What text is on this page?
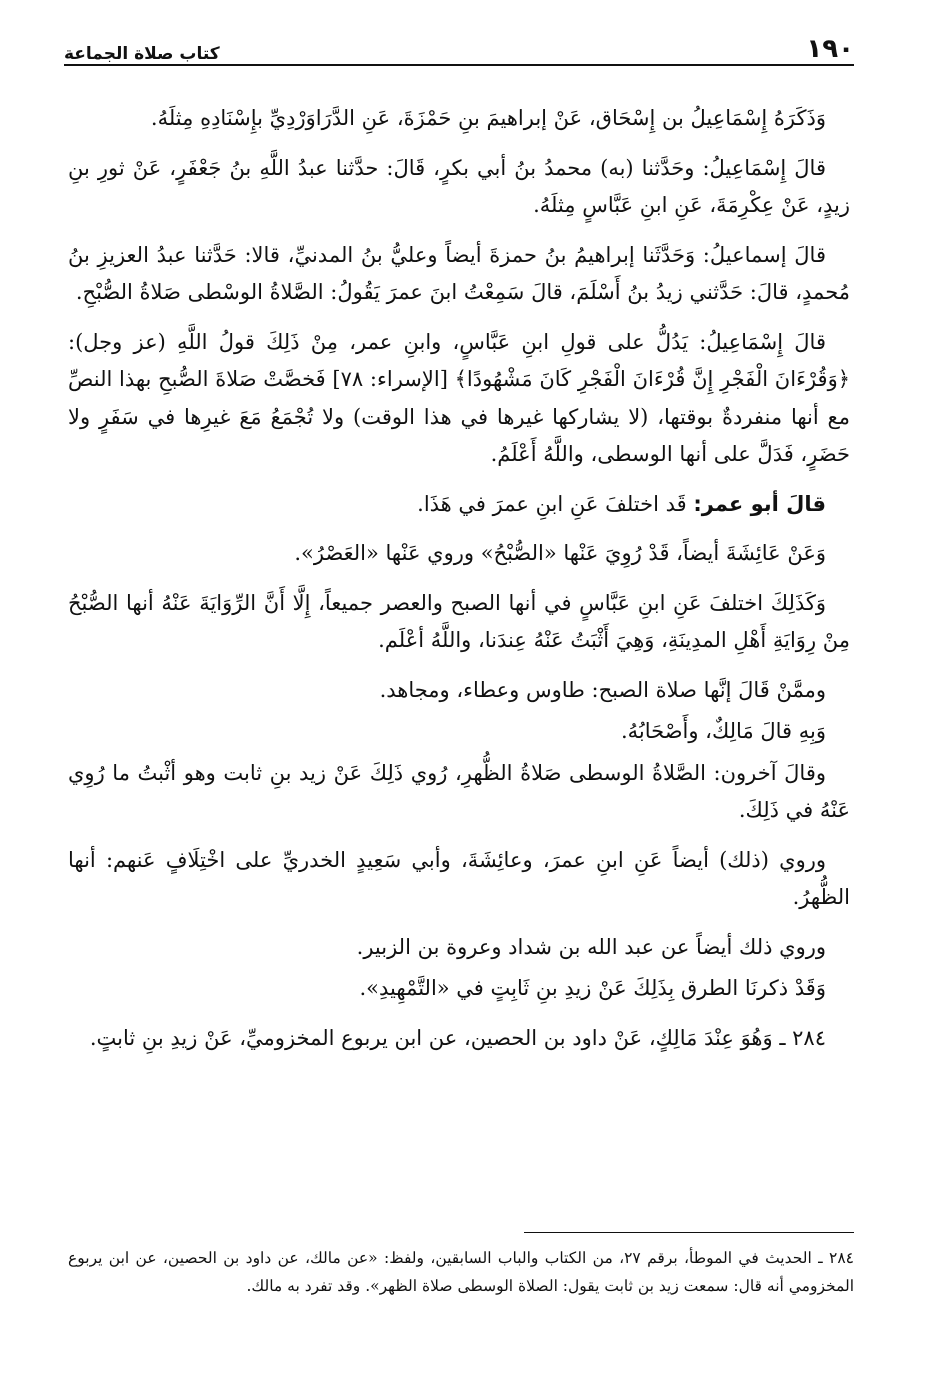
١٩٠
كتاب صلاة الجماعة

وَذَكَرَهُ إِسْمَاعِيلُ بن إِسْحَاق، عَنْ إبراهيمَ بنِ حَمْزَةَ، عَنِ الدَّرَاوَرْدِيِّ بإِسْنَادِهِ مِثلَهُ.

قالَ إِسْمَاعِيلُ: وحَدَّثنا (به) محمدُ بنُ أبي بكرٍ، قَالَ: حدَّثنا عبدُ اللَّهِ بنُ جَعْفَرٍ، عَنْ ثورِ بنِ زيدٍ، عَنْ عِكْرِمَةَ، عَنِ ابنِ عَبَّاسٍ مِثلَهُ.

قالَ إسماعيلُ: وَحَدَّثَنا إبراهيمُ بنُ حمزةَ أيضاً وعليُّ بنُ المدنيِّ، قالا: حَدَّثنا عبدُ العزيزِ بنُ مُحمدٍ، قالَ: حَدَّثني زيدُ بنُ أَسْلَمَ، قالَ سَمِعْتُ ابنَ عمرَ يَقُولُ: الصَّلاةُ الوسْطى صَلاةُ الصُّبْحِ.

قالَ إِسْمَاعِيلُ: يَدُلُّ على قولِ ابنِ عَبَّاسٍ، وابنِ عمر، مِنْ ذَلِكَ قولُ اللَّهِ (عز وجل): ﴿وَقُرْءَانَ الْفَجْرِ إِنَّ قُرْءَانَ الْفَجْرِ كَانَ مَشْهُودًا﴾ [الإسراء: ٧٨] فَخصَّتْ صَلاةَ الصُّبحِ بهذا النصِّ مع أنها منفردةٌ بوقتها، (لا يشاركها غيرها في هذا الوقت) ولا تُجْمَعُ مَعَ غيرِها في سَفَرٍ ولا حَضَرٍ، فَدَلَّ على أنها الوسطى، واللَّهُ أَعْلَمُ.

قالَ أبو عمر: قَد اختلفَ عَنِ ابنِ عمرَ في هَذَا.

وَعَنْ عَائِشَةَ أيضاً، قَدْ رُوِيَ عَنْها «الصُّبْحُ» وروي عَنْها «العَصْرُ».

وَكَذَلِكَ اختلفَ عَنِ ابنِ عَبَّاسٍ في أنها الصبح والعصر جميعاً، إِلَّا أَنَّ الرِّوَايَةَ عَنْهُ أنها الصُّبْحُ مِنْ رِوَايَةِ أَهْلِ المدِينَةِ، وَهِيَ أَثْبَتُ عَنْهُ عِندَنا، واللَّهُ أعْلَم.

وممَّنْ قَالَ إنَّها صلاة الصبح: طاوس وعطاء، ومجاهد.

وَبِهِ قالَ مَالِكٌ، وأَصْحَابُهُ.

وقالَ آخرون: الصَّلاةُ الوسطى صَلاةُ الظُّهرِ، رُوي ذَلِكَ عَنْ زيد بنِ ثابت وهو أثْبتُ ما رُوِي عَنْهُ في ذَلِكَ.

وروي (ذلك) أيضاً عَنِ ابنِ عمرَ، وعائِشَةَ، وأبي سَعِيدٍ الخدريِّ على اخْتِلَافٍ عَنهم: أنها الظُّهرُ.

وروي ذلك أيضاً عن عبد الله بن شداد وعروة بن الزبير.

وَقَدْ ذكرنَا الطرق بِذَلِكَ عَنْ زيدِ بنِ ثَابِتٍ في «التَّمْهِيدِ».

٢٨٤ ـ وَهُوَ عِنْدَ مَالِكٍ، عَنْ داود بن الحصين، عن ابن يربوع المخزوميِّ، عَنْ زيدِ بنِ ثابتٍ.

٢٨٤ ـ الحديث في الموطأ، برقم ٢٧، من الكتاب والباب السابقين، ولفظ: «عن مالك، عن داود بن الحصين، عن ابن يربوع المخزومي أنه قال: سمعت زيد بن ثابت يقول: الصلاة الوسطى صلاة الظهر». وقد تفرد به مالك.
